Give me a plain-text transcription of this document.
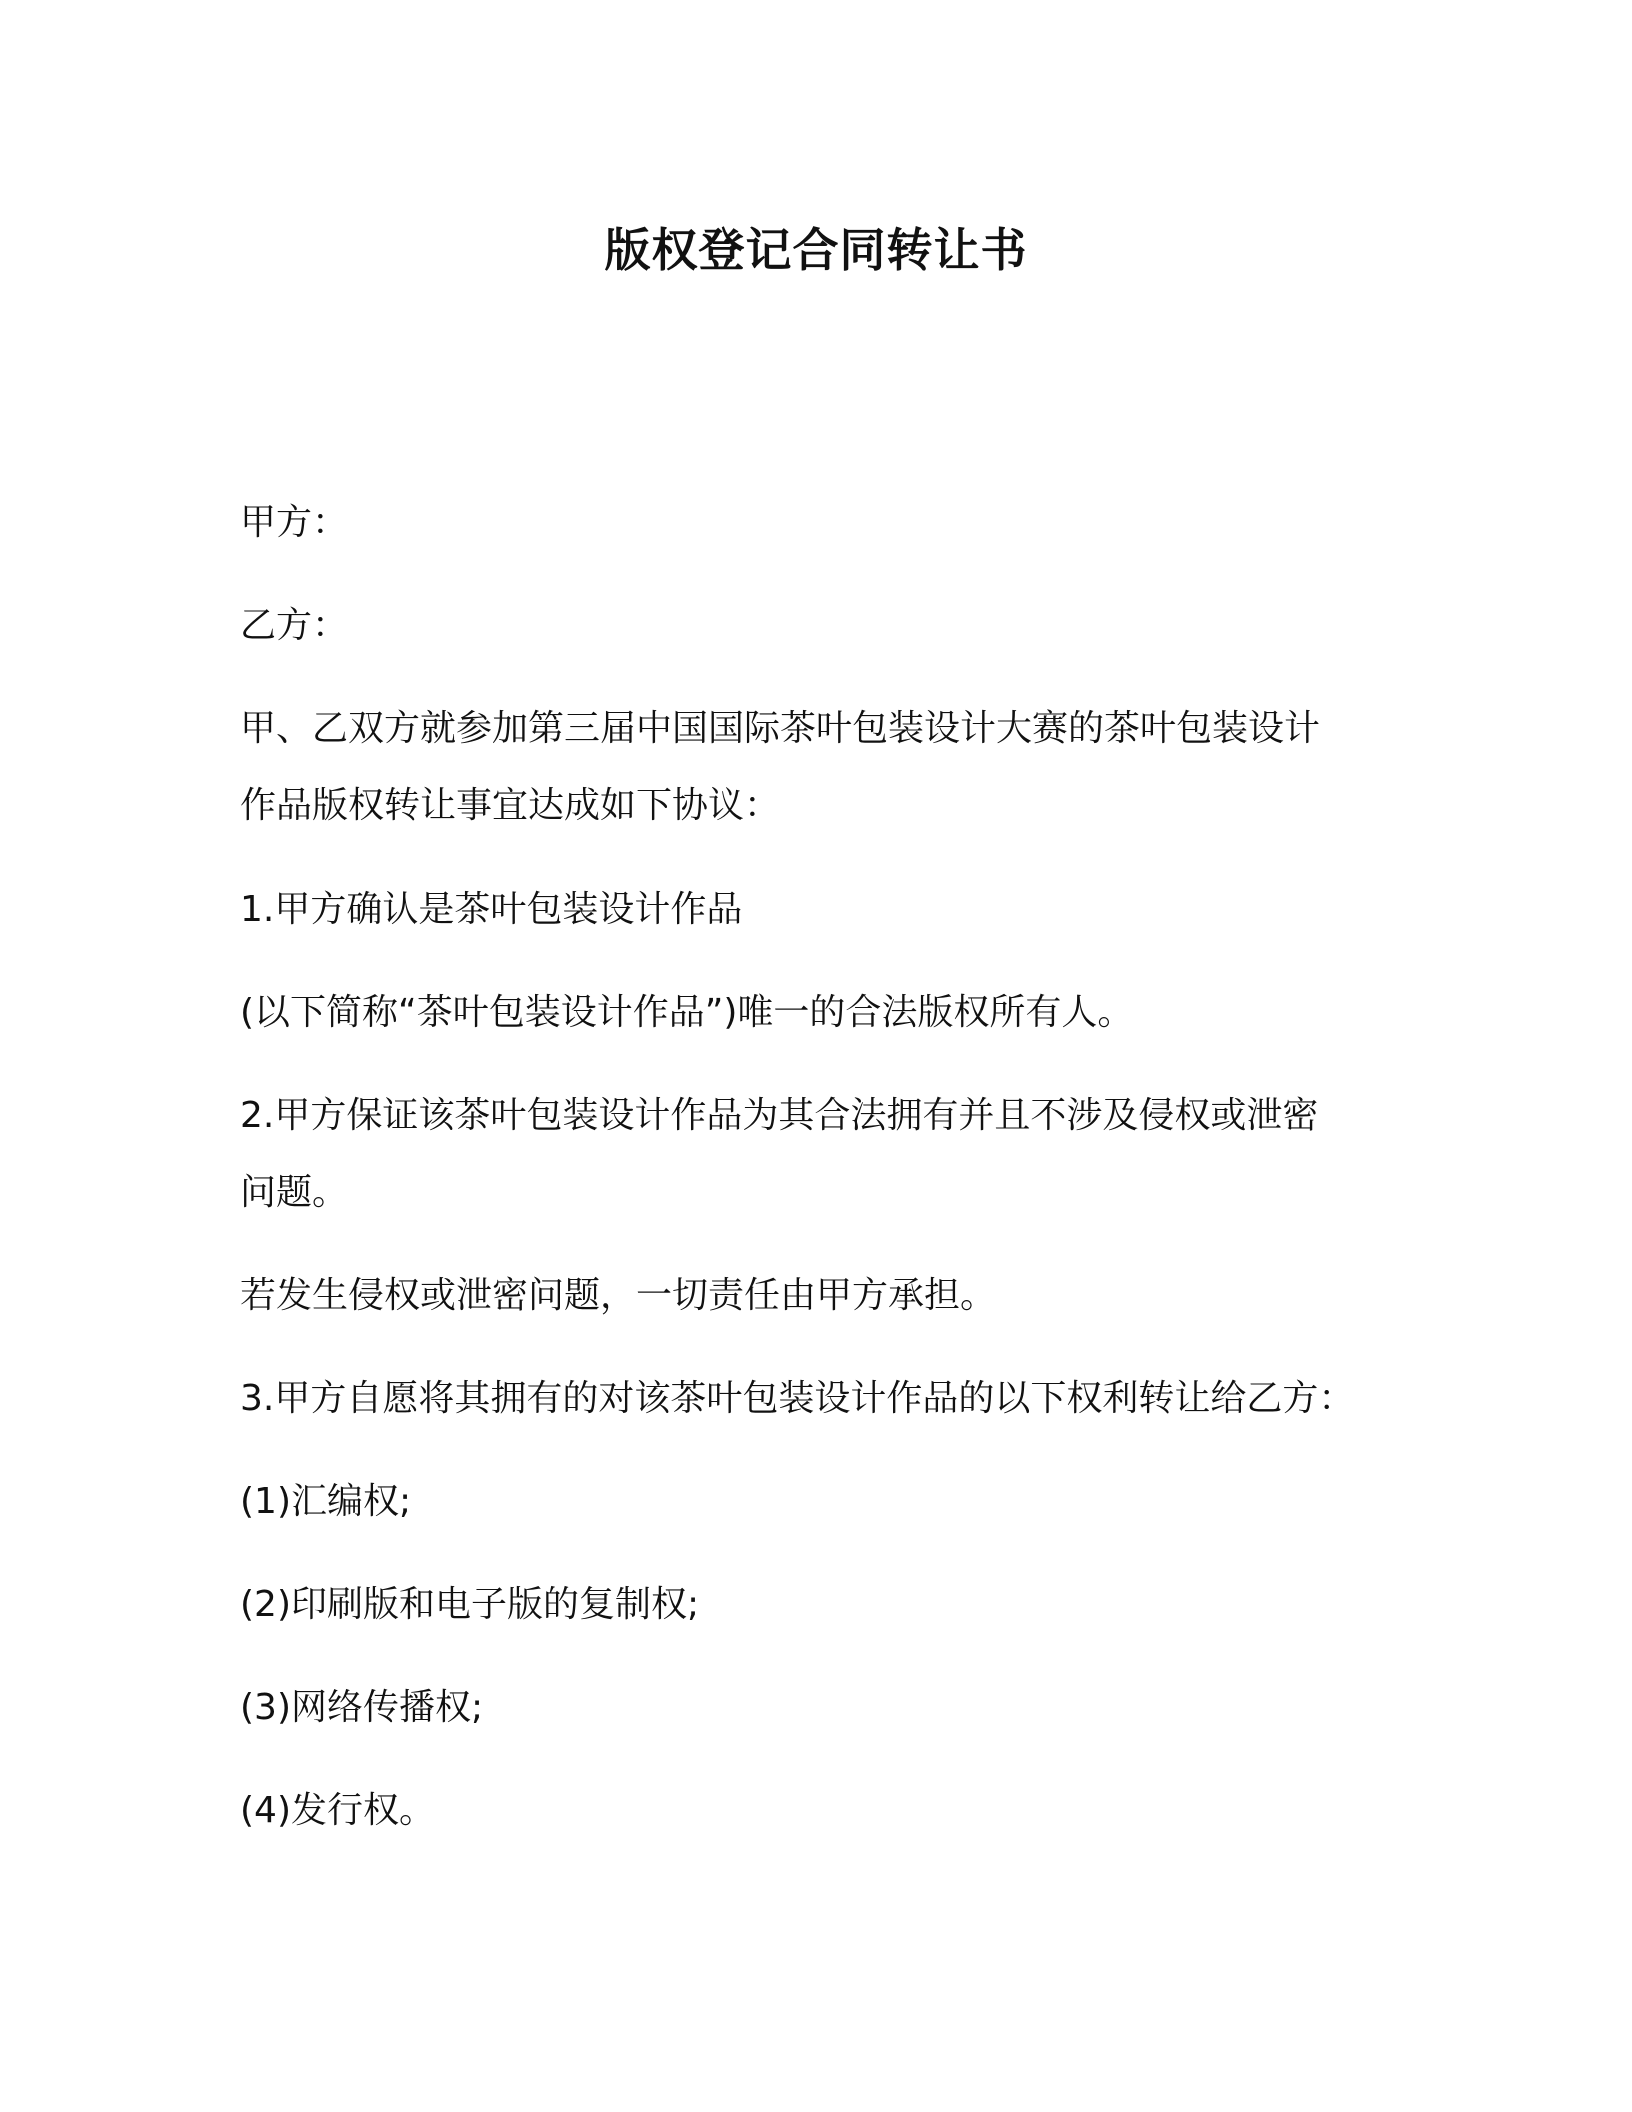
版权登记合同转让书

甲方：

乙方：

甲、乙双方就参加第三届中国国际茶叶包装设计大赛的茶叶包装设计

作品版权转让事宜达成如下协议：

1.甲方确认是茶叶包装设计作品

(以下简称“茶叶包装设计作品”)唯一的合法版权所有人。

2.甲方保证该茶叶包装设计作品为其合法拥有并且不涉及侵权或泄密

问题。

若发生侵权或泄密问题，一切责任由甲方承担。

3.甲方自愿将其拥有的对该茶叶包装设计作品的以下权利转让给乙方：

(1)汇编权;

(2)印刷版和电子版的复制权;

(3)网络传播权;

(4)发行权。
